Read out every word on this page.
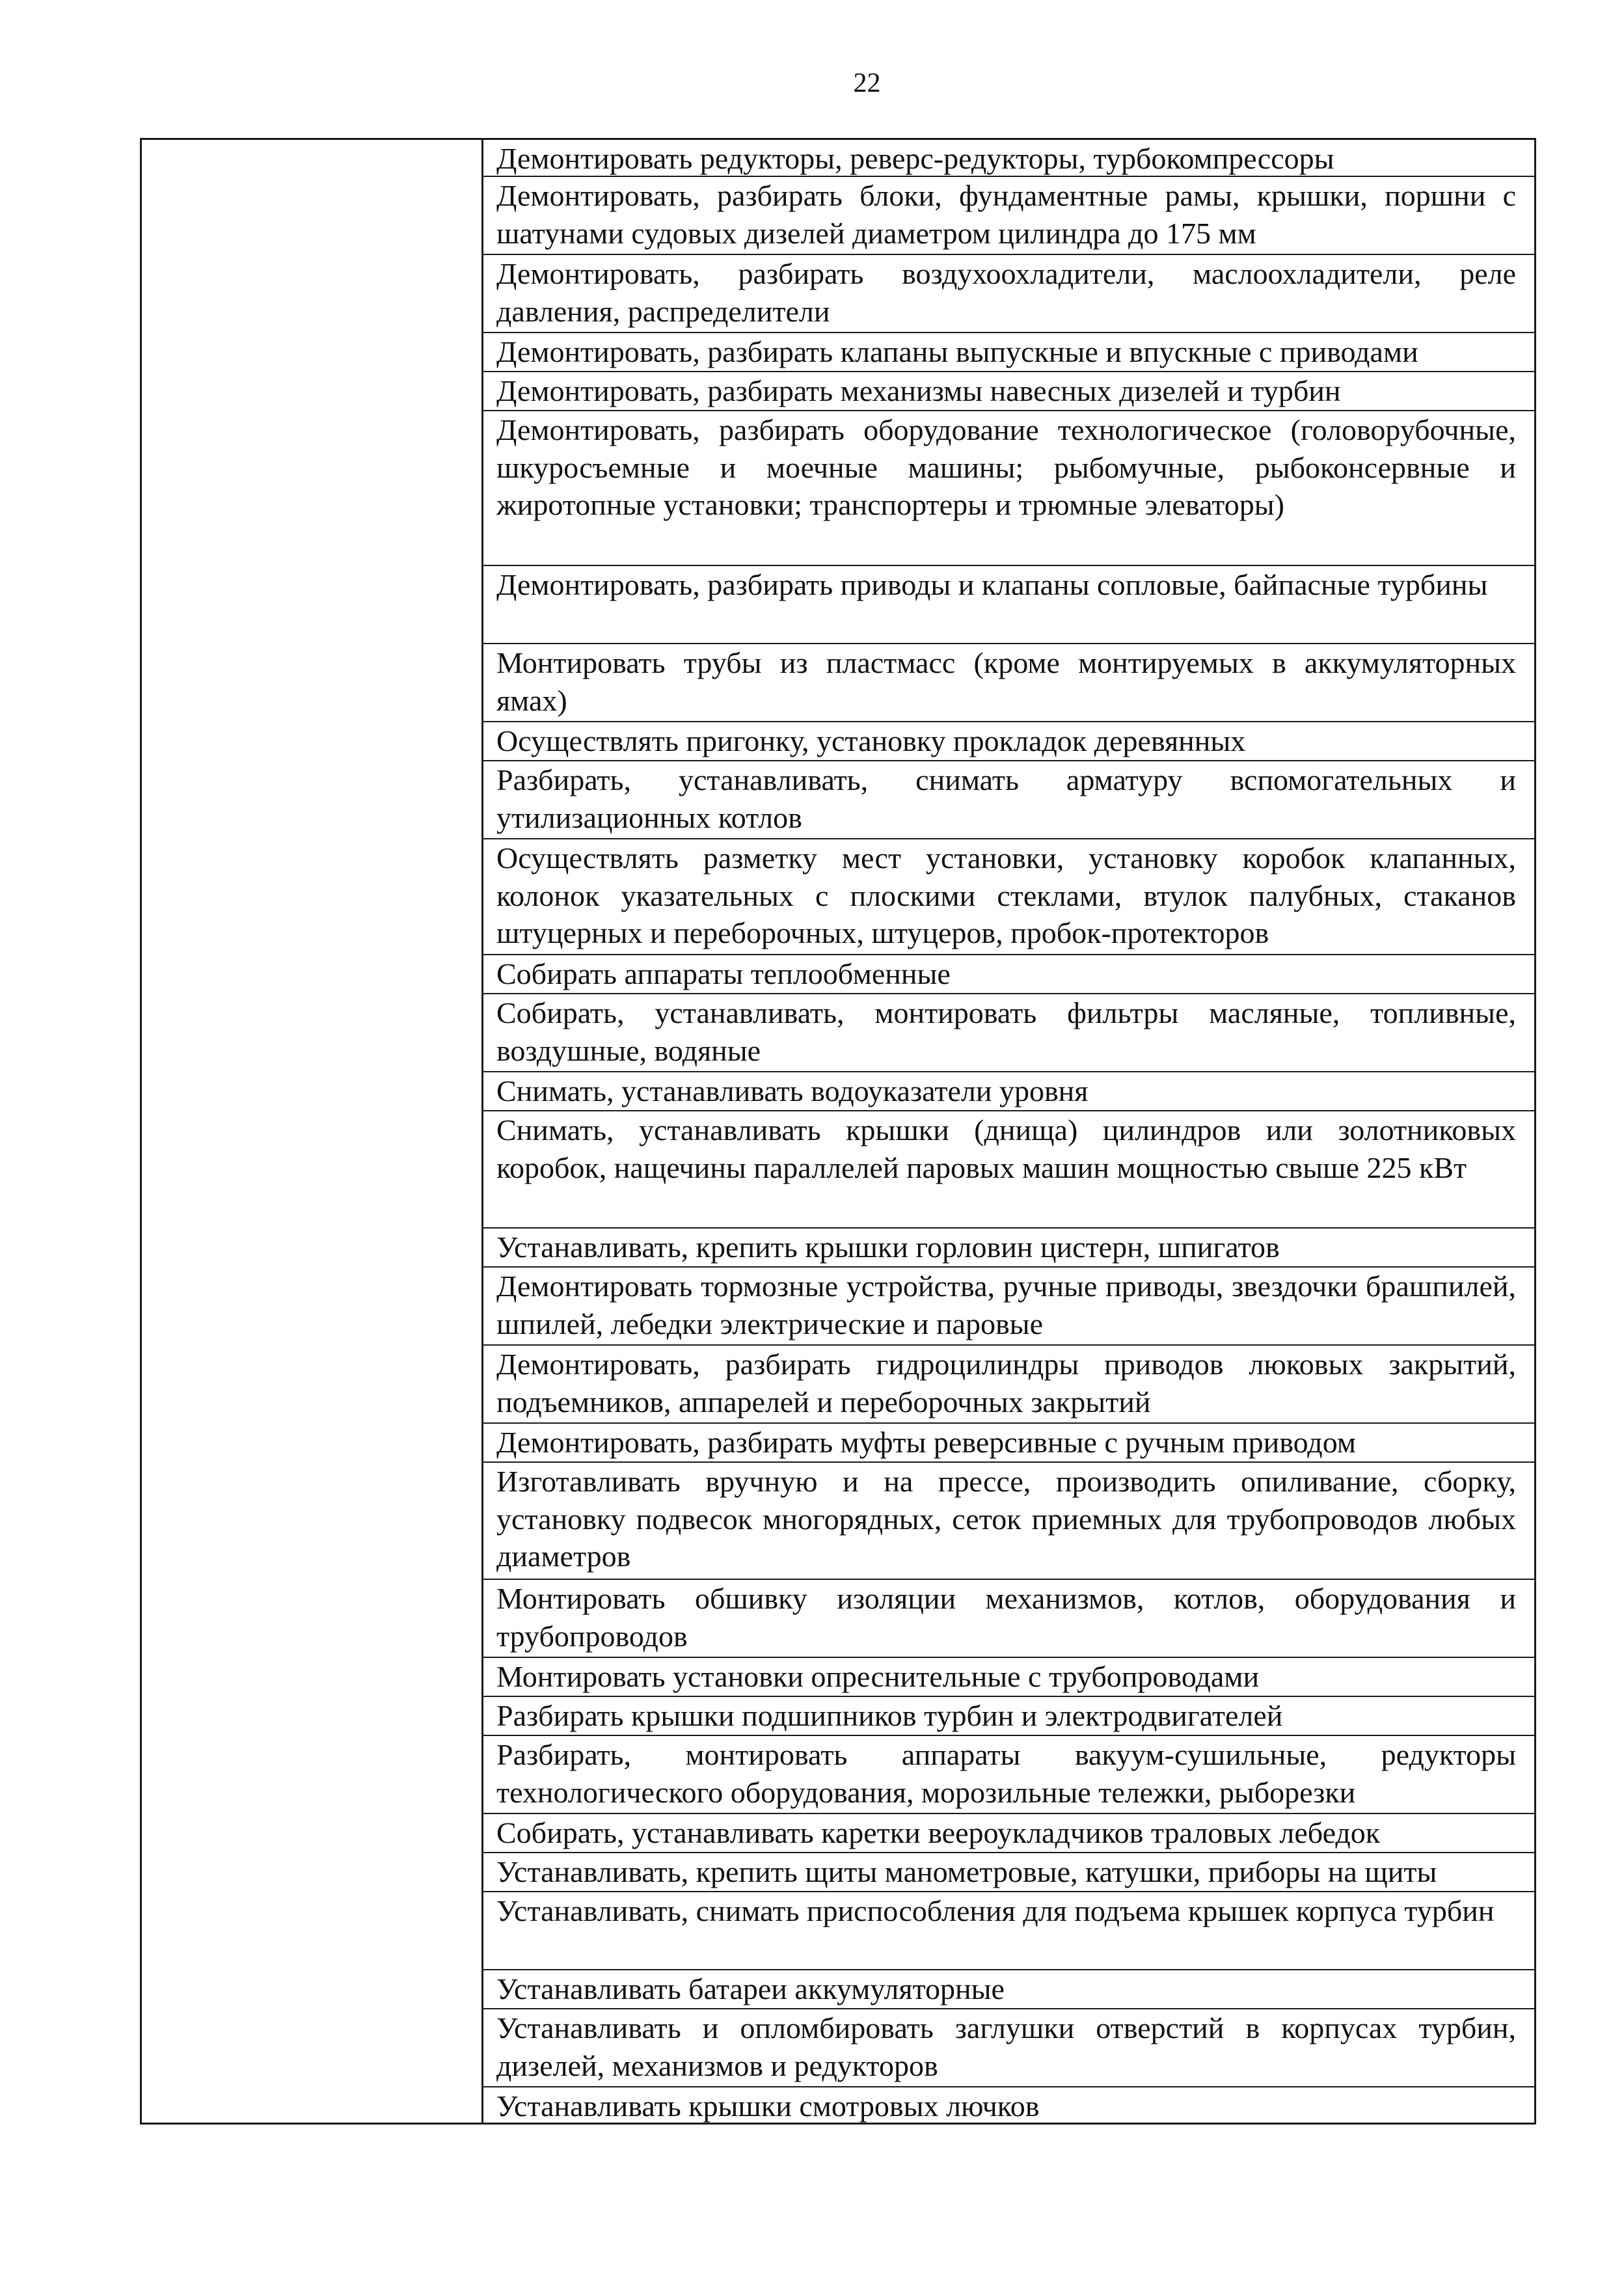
22
Демонтировать редукторы, реверс-редукторы, турбокомпрессоры
Демонтировать, разбирать блоки, фундаментные рамы, крышки, поршни с шатунами судовых дизелей диаметром цилиндра до 175 мм
Демонтировать, разбирать воздухоохладители, маслоохладители, реле давления, распределители
Демонтировать, разбирать клапаны выпускные и впускные с приводами
Демонтировать, разбирать механизмы навесных дизелей и турбин
Демонтировать, разбирать оборудование технологическое (головорубочные, шкуросъемные и моечные машины; рыбомучные, рыбоконсервные и жиротопные установки; транспортеры и трюмные элеваторы)
Демонтировать, разбирать приводы и клапаны сопловые, байпасные турбины
Монтировать трубы из пластмасс (кроме монтируемых в аккумуляторных ямах)
Осуществлять пригонку, установку прокладок деревянных
Разбирать, устанавливать, снимать арматуру вспомогательных и утилизационных котлов
Осуществлять разметку мест установки, установку коробок клапанных, колонок указательных с плоскими стеклами, втулок палубных, стаканов штуцерных и переборочных, штуцеров, пробок-протекторов
Собирать аппараты теплообменные
Собирать, устанавливать, монтировать фильтры масляные, топливные, воздушные, водяные
Снимать, устанавливать водоуказатели уровня
Снимать, устанавливать крышки (днища) цилиндров или золотниковых коробок, нащечины параллелей паровых машин мощностью свыше 225 кВт
Устанавливать, крепить крышки горловин цистерн, шпигатов
Демонтировать тормозные устройства, ручные приводы, звездочки брашпилей, шпилей, лебедки электрические и паровые
Демонтировать, разбирать гидроцилиндры приводов люковых закрытий, подъемников, аппарелей и переборочных закрытий
Демонтировать, разбирать муфты реверсивные с ручным приводом
Изготавливать вручную и на прессе, производить опиливание, сборку, установку подвесок многорядных, сеток приемных для трубопроводов любых диаметров
Монтировать обшивку изоляции механизмов, котлов, оборудования и трубопроводов
Монтировать установки опреснительные с трубопроводами
Разбирать крышки подшипников турбин и электродвигателей
Разбирать, монтировать аппараты вакуум-сушильные, редукторы технологического оборудования, морозильные тележки, рыборезки
Собирать, устанавливать каретки веероукладчиков траловых лебедок
Устанавливать, крепить щиты манометровые, катушки, приборы на щиты
Устанавливать, снимать приспособления для подъема крышек корпуса турбин
Устанавливать батареи аккумуляторные
Устанавливать и опломбировать заглушки отверстий в корпусах турбин, дизелей, механизмов и редукторов
Устанавливать крышки смотровых лючков
